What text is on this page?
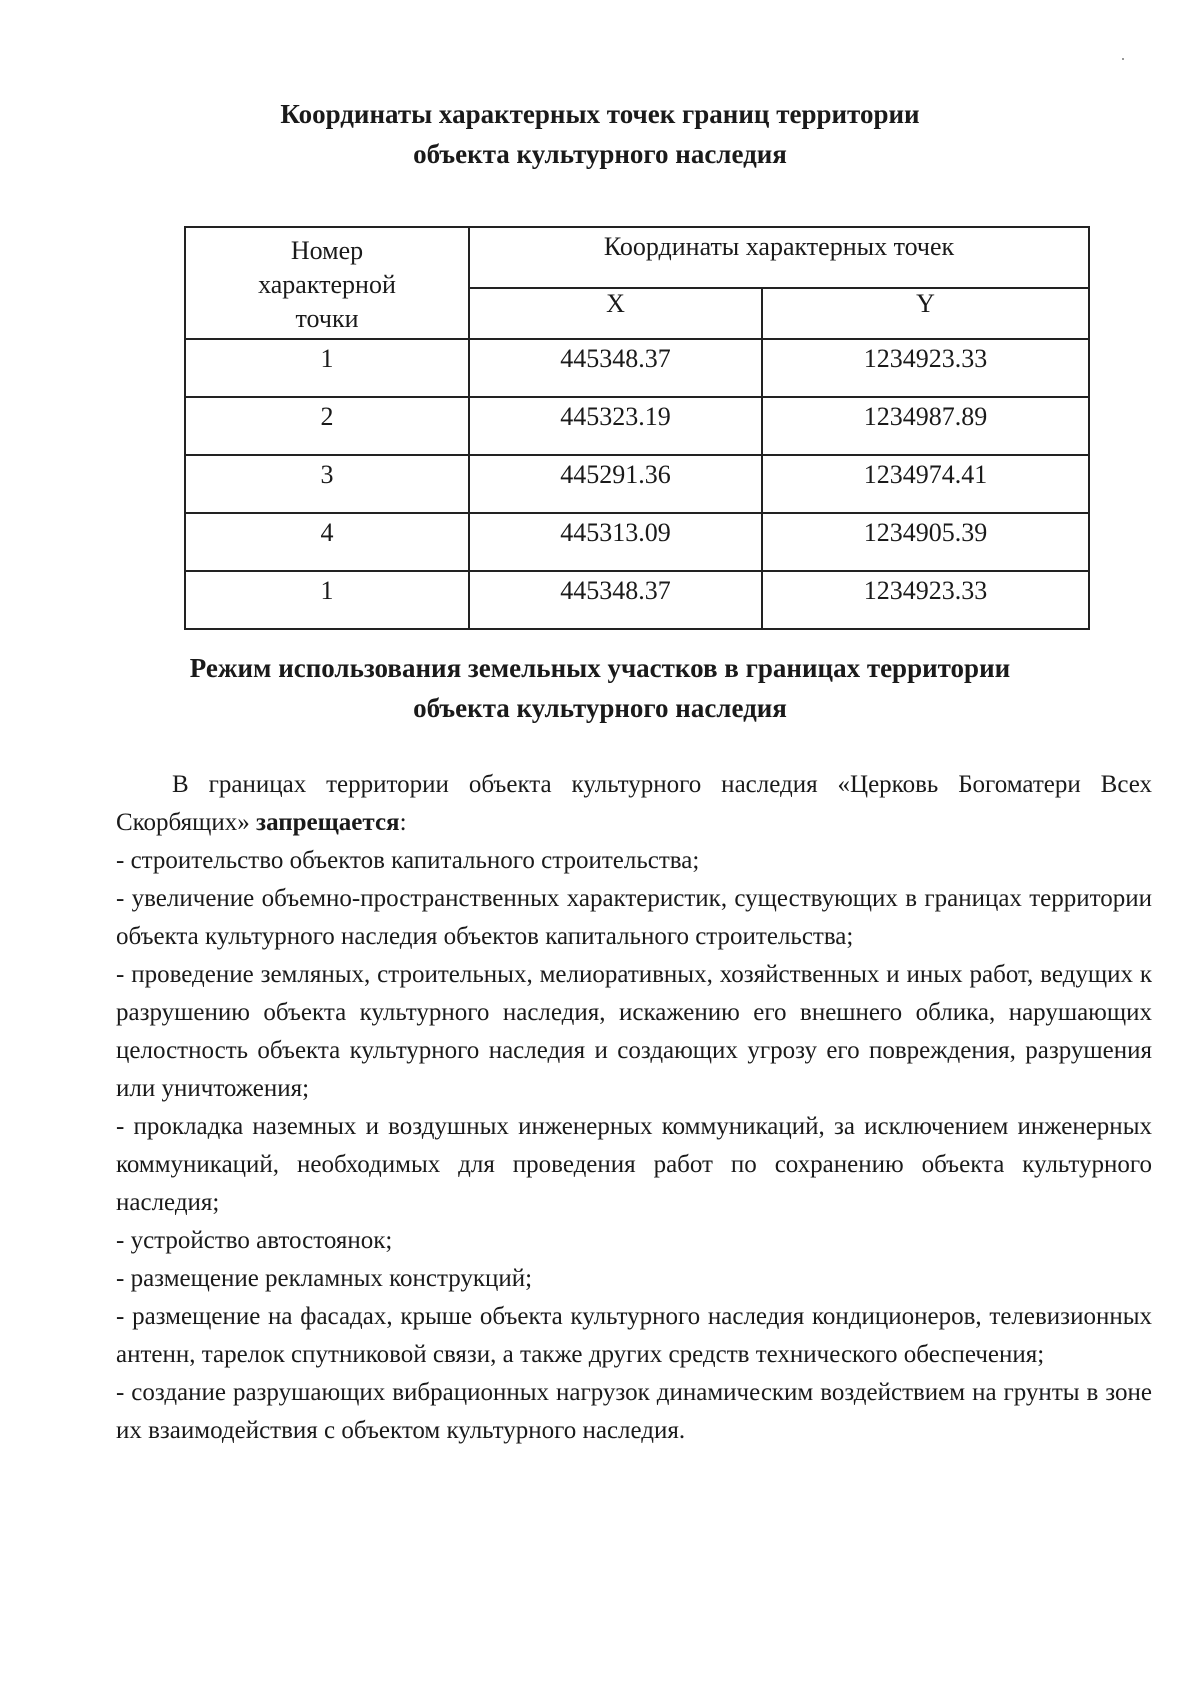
Координаты характерных точек границ территории
объекта культурного наследия
Номер
характерной
точки	Координаты характерных точек	
	X	Y
1	445348.37	1234923.33
2	445323.19	1234987.89
3	445291.36	1234974.41
4	445313.09	1234905.39
1	445348.37	1234923.33
Режим использования земельных участков в границах территории
объекта культурного наследия

В границах территории объекта культурного наследия «Церковь Богоматери Всех Скорбящих» запрещается:

- строительство объектов капитального строительства;

- увеличение объемно-пространственных характеристик, существующих в границах территории объекта культурного наследия объектов капитального строительства;

- проведение земляных, строительных, мелиоративных, хозяйственных и иных работ, ведущих к разрушению объекта культурного наследия, искажению его внешнего облика, нарушающих целостность объекта культурного наследия и создающих угрозу его повреждения, разрушения или уничтожения;

- прокладка наземных и воздушных инженерных коммуникаций, за исключением инженерных коммуникаций, необходимых для проведения работ по сохранению объекта культурного наследия;

- устройство автостоянок;

- размещение рекламных конструкций;

- размещение на фасадах, крыше объекта культурного наследия кондиционеров, телевизионных антенн, тарелок спутниковой связи, а также других средств технического обеспечения;

- создание разрушающих вибрационных нагрузок динамическим воздействием на грунты в зоне их взаимодействия с объектом культурного наследия.
